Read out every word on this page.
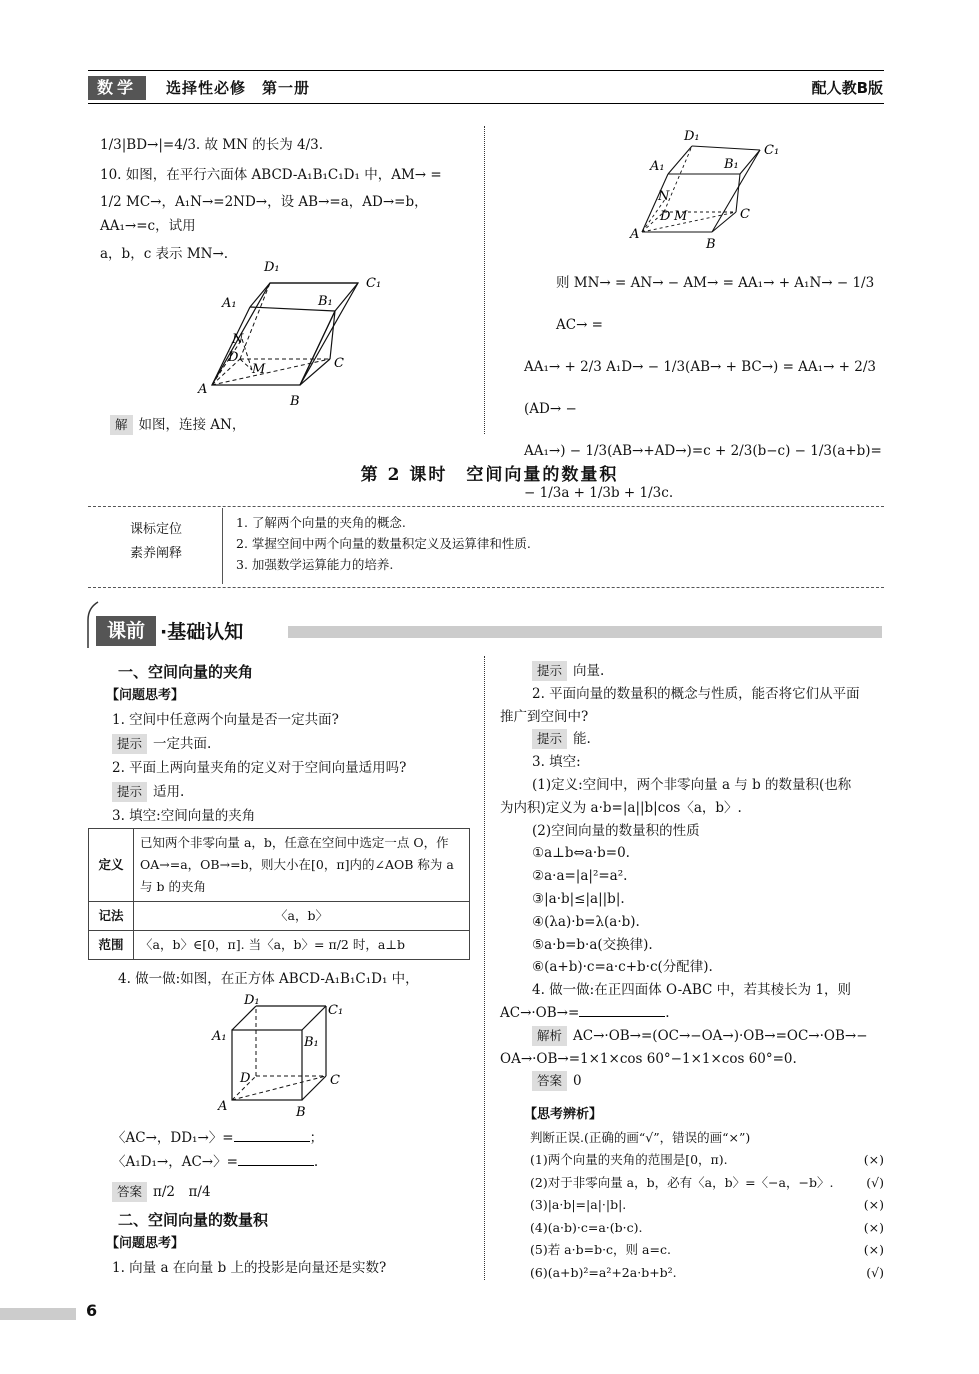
数学	选择性必修　第一册	配人教B版

1/3|BD→|=4/3. 故 MN 的长为 4/3.

10. 如图，在平行六面体 ABCD-A₁B₁C₁D₁ 中，AM→ =

1/2 MC→，A₁N→=2ND→，设 AB→=a，AD→=b，AA₁→=c，试用

a，b，c 表示 MN→.

A
B
C
D
A₁	B₁
C₁
D₁
M
N
解 如图，连接 AN，
A
B
C
D
A₁	B₁
C₁
D₁
M
N

则 MN→ = AN→ − AM→ = AA₁→ + A₁N→ − 1/3 AC→ =

AA₁→ + 2/3 A₁D→ − 1/3(AB→ + BC→) = AA₁→ + 2/3 (AD→ −

AA₁→) − 1/3(AB→+AD→)=c + 2/3(b−c) − 1/3(a+b)=

− 1/3a + 1/3b + 1/3c.

第 2 课时　空间向量的数量积
课标定位
素养阐释
1. 了解两个向量的夹角的概念.
2. 掌握空间中两个向量的数量积定义及运算律和性质.
3. 加强数学运算能力的培养.
课前 ·基础认知

一、空间向量的夹角

【问题思考】

1. 空间中任意两个向量是否一定共面?

提示 一定共面.

2. 平面上两向量夹角的定义对于空间向量适用吗?

提示 适用.

3. 填空:空间向量的夹角

定义	已知两个非零向量 a，b，任意在空间中选定一点 O，作 OA→=a，OB→=b，则大小在[0，π]内的∠AOB 称为 a 与 b 的夹角
记法	〈a，b〉
范围	〈a，b〉∈[0，π]. 当〈a，b〉= π/2 时，a⊥b

4. 做一做:如图，在正方体 ABCD-A₁B₁C₁D₁ 中，

A	B
C
D
A₁	B₁
C₁
D₁

〈AC→，DD₁→〉=	；

〈A₁D₁→，AC→〉=	.

答案 π/2　π/4

二、空间向量的数量积

【问题思考】

1. 向量 a 在向量 b 上的投影是向量还是实数?

提示 向量.

2. 平面向量的数量积的概念与性质，能否将它们从平面

推广到空间中?

提示 能.

3. 填空:

(1)定义:空间中，两个非零向量 a 与 b 的数量积(也称

为内积)定义为 a·b=|a||b|cos〈a，b〉.

(2)空间向量的数量积的性质

①a⊥b⇔a·b=0.

②a·a=|a|²=a².

③|a·b|≤|a||b|.

④(λa)·b=λ(a·b).

⑤a·b=b·a(交换律).

⑥(a+b)·c=a·c+b·c(分配律).

4. 做一做:在正四面体 O-ABC 中，若其棱长为 1，则

AC→·OB→=	.

解析 AC→·OB→=(OC→−OA→)·OB→=OC→·OB→−

OA→·OB→=1×1×cos 60°−1×1×cos 60°=0.

答案 0

【思考辨析】
判断正误.(正确的画“√”，错误的画“×”)
(1)两个向量的夹角的范围是[0，π).	(×)
(2)对于非零向量 a，b，必有〈a，b〉=〈−a，−b〉.	(√)
(3)|a·b|=|a|·|b|.	(×)
(4)(a·b)·c=a·(b·c).	(×)
(5)若 a·b=b·c，则 a=c.	(×)
(6)(a+b)²=a²+2a·b+b².	(√)
6
